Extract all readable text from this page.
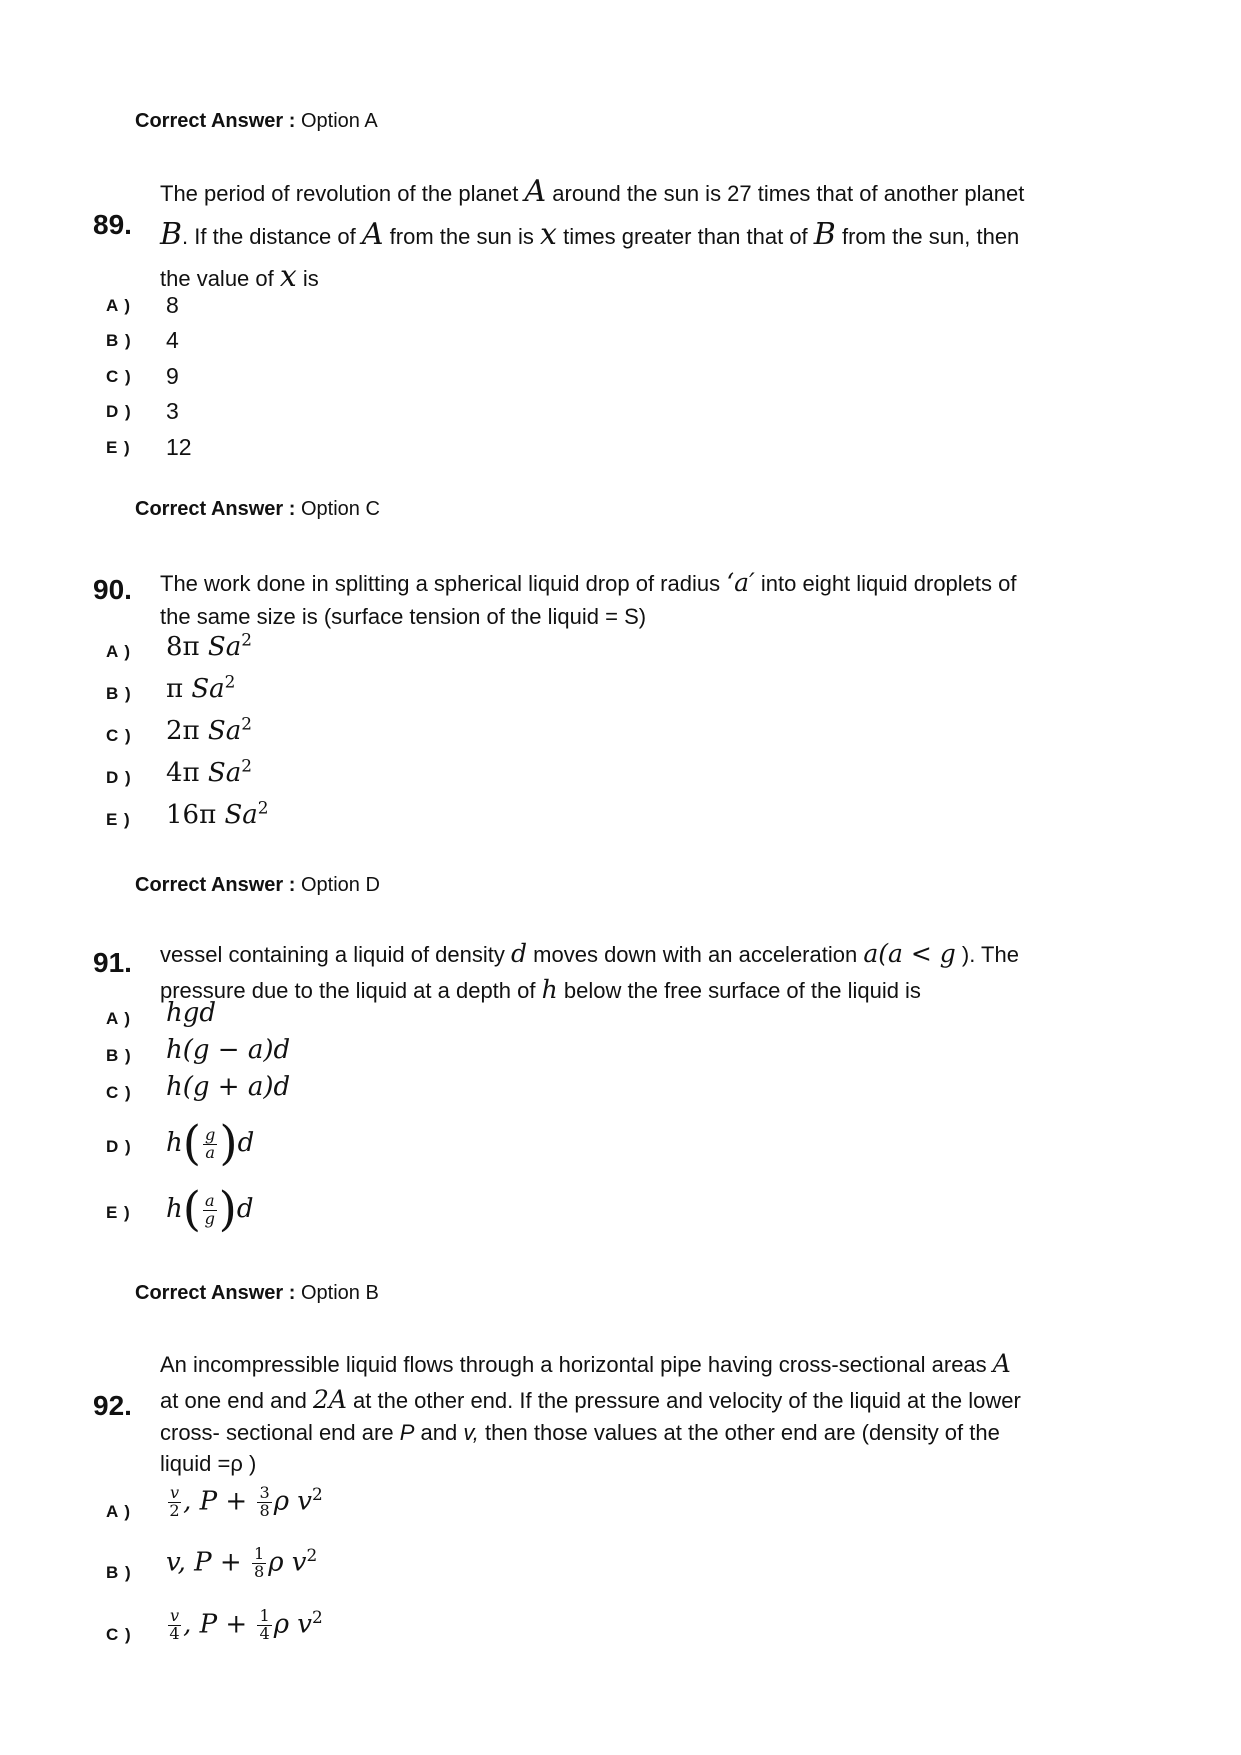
Correct Answer : Option A
89.
The period of revolution of the planet A around the sun is 27 times that of another planet
B. If the distance of A from the sun is x times greater than that of B from the sun, then
the value of x is
A ) 8
B ) 4
C ) 9
D ) 3
E ) 12
Correct Answer : Option C
90. The work done in splitting a spherical liquid drop of radius ‘a′ into eight liquid droplets of
the same size is (surface tension of the liquid = S)
A ) 8π Sa$^2$
B ) π Sa$^2$
C ) 2π Sa$^2$
D ) 4π Sa$^2$
E ) 16π Sa$^2$
Correct Answer : Option D
91. vessel containing a liquid of density d moves down with an acceleration a(a < g ). The
pressure due to the liquid at a depth of h below the free surface of the liquid is
A ) hgd
B ) h(g − a)d
C ) h(g + a)d
D ) $h( \frac{g}{a} )d$
E ) $h( \frac{a}{g} )d$
Correct Answer : Option B
92.
An incompressible liquid flows through a horizontal pipe having cross-sectional areas A
at one end and 2A at the other end. If the pressure and velocity of the liquid at the lower
cross- sectional end are P and v, then those values at the other end are (density of the
liquid =ρ )
A ) $\frac{v}{2}$ , $P + \frac{3}{8}$ ρ $v^2$
B ) v, $P + \frac{1}{8}$ ρ $v^2$
C ) $\frac{v}{4}$ , $P + \frac{1}{4}$ ρ $v^2$
